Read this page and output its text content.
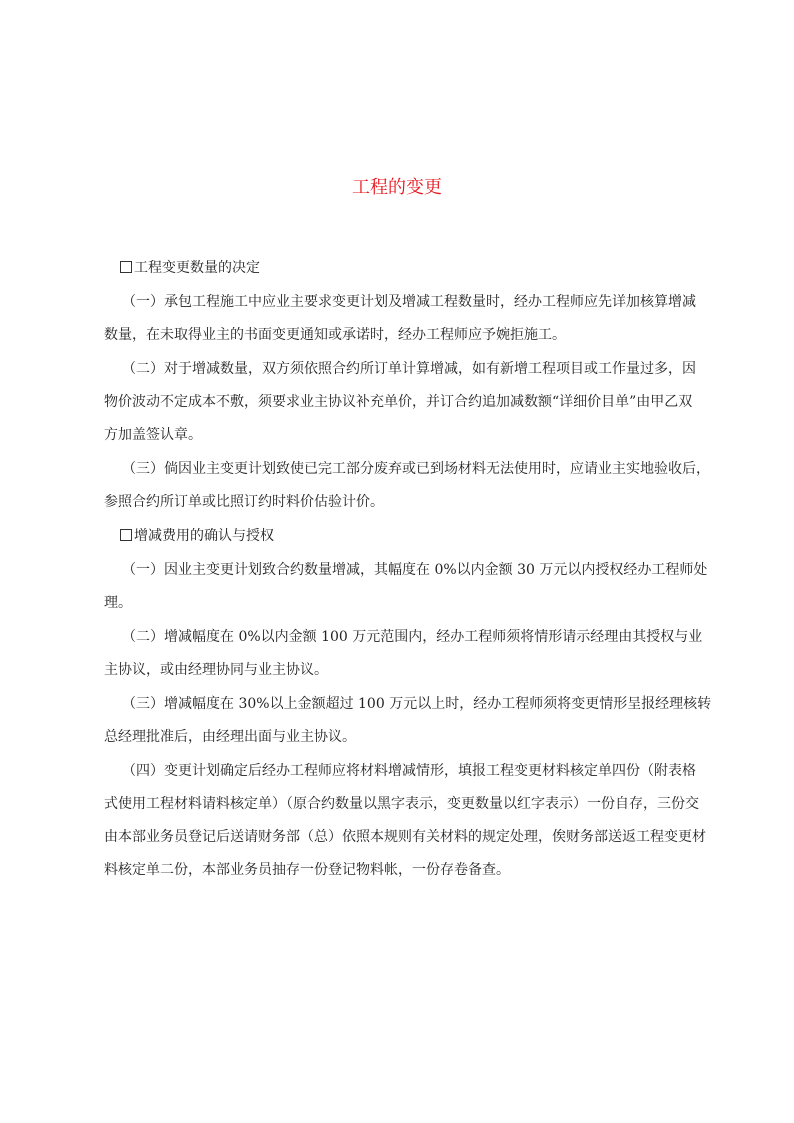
工程的变更
工程变更数量的决定
（一）承包工程施工中应业主要求变更计划及增减工程数量时，经办工程师应先详加核算增减
数量，在未取得业主的书面变更通知或承诺时，经办工程师应予婉拒施工。
（二）对于增减数量，双方须依照合约所订单计算增减，如有新增工程项目或工作量过多，因
物价波动不定成本不敷，须要求业主协议补充单价，并订合约追加减数额“详细价目单”由甲乙双
方加盖签认章。
（三）倘因业主变更计划致使已完工部分废弃或已到场材料无法使用时，应请业主实地验收后，
参照合约所订单或比照订约时料价估验计价。
增减费用的确认与授权
（一）因业主变更计划致合约数量增减，其幅度在 0%以内金额 30 万元以内授权经办工程师处
理。
（二）增减幅度在 0%以内金额 100 万元范围内，经办工程师须将情形请示经理由其授权与业
主协议，或由经理协同与业主协议。
（三）增减幅度在 30%以上金额超过 100 万元以上时，经办工程师须将变更情形呈报经理核转
总经理批准后，由经理出面与业主协议。
（四）变更计划确定后经办工程师应将材料增减情形，填报工程变更材料核定单四份（附表格
式使用工程材料请料核定单）（原合约数量以黑字表示，变更数量以红字表示）一份自存，三份交
由本部业务员登记后送请财务部（总）依照本规则有关材料的规定处理，俟财务部送返工程变更材
料核定单二份，本部业务员抽存一份登记物料帐，一份存卷备查。
